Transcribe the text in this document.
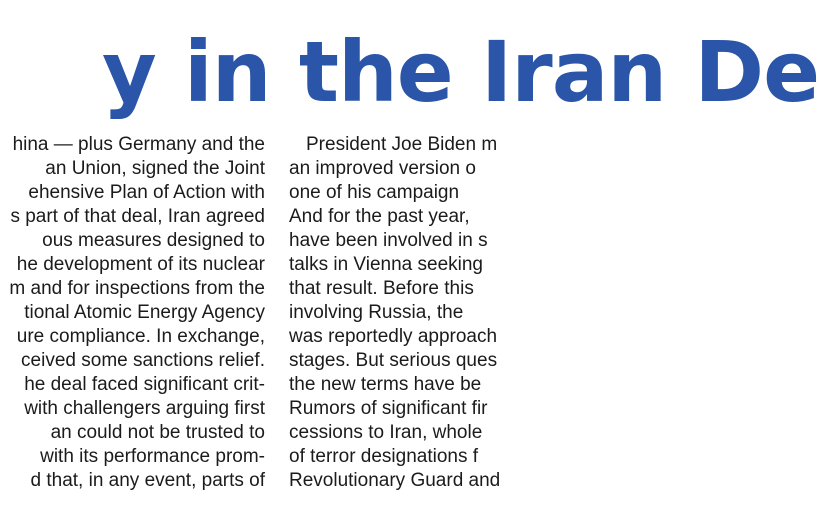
y in the Iran De
hina — plus Germany and the
an Union, signed the Joint
ehensive Plan of Action with
s part of that deal, Iran agreed
ous measures designed to
he development of its nuclear
m and for inspections from the
tional Atomic Energy Agency
ure compliance. In exchange,
ceived some sanctions relief.
he deal faced significant crit-
with challengers arguing first
an could not be trusted to
with its performance prom-
d that, in any event, parts of
President Joe Biden m
an improved version o
one of his campaign
And for the past year,
have been involved in s
talks in Vienna seeking
that result. Before this
involving Russia, the
was reportedly approach
stages. But serious ques
the new terms have be
Rumors of significant fir
cessions to Iran, whole
of terror designations f
Revolutionary Guard and
